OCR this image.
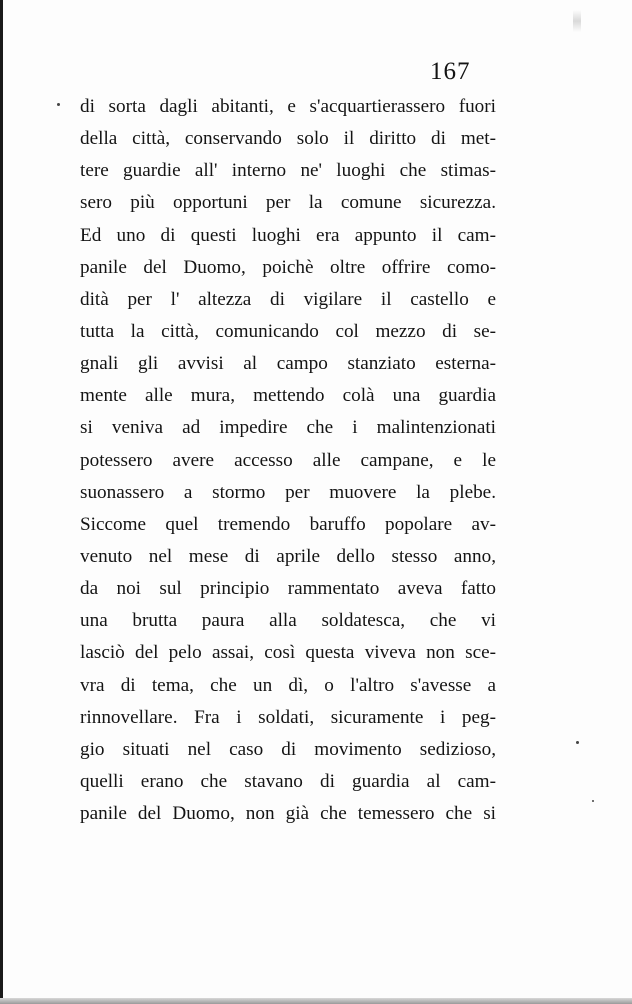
167
di sorta dagli abitanti, e s'acquartierassero fuori
della città, conservando solo il diritto di met-
tere guardie all' interno ne' luoghi che stimas-
sero più opportuni per la comune sicurezza.
Ed uno di questi luoghi era appunto il cam-
panile del Duomo, poichè oltre offrire como-
dità per l' altezza di vigilare il castello e
tutta la città, comunicando col mezzo di se-
gnali gli avvisi al campo stanziato esterna-
mente alle mura, mettendo colà una guardia
si veniva ad impedire che i malintenzionati
potessero avere accesso alle campane, e le
suonassero a stormo per muovere la plebe.
Siccome quel tremendo baruffo popolare av-
venuto nel mese di aprile dello stesso anno,
da noi sul principio rammentato aveva fatto
una brutta paura alla soldatesca, che vi
lasciò del pelo assai, così questa viveva non sce-
vra di tema, che un dì, o l'altro s'avesse a
rinnovellare. Fra i soldati, sicuramente i peg-
gio situati nel caso di movimento sedizioso,
quelli erano che stavano di guardia al cam-
panile del Duomo, non già che temessero che si
